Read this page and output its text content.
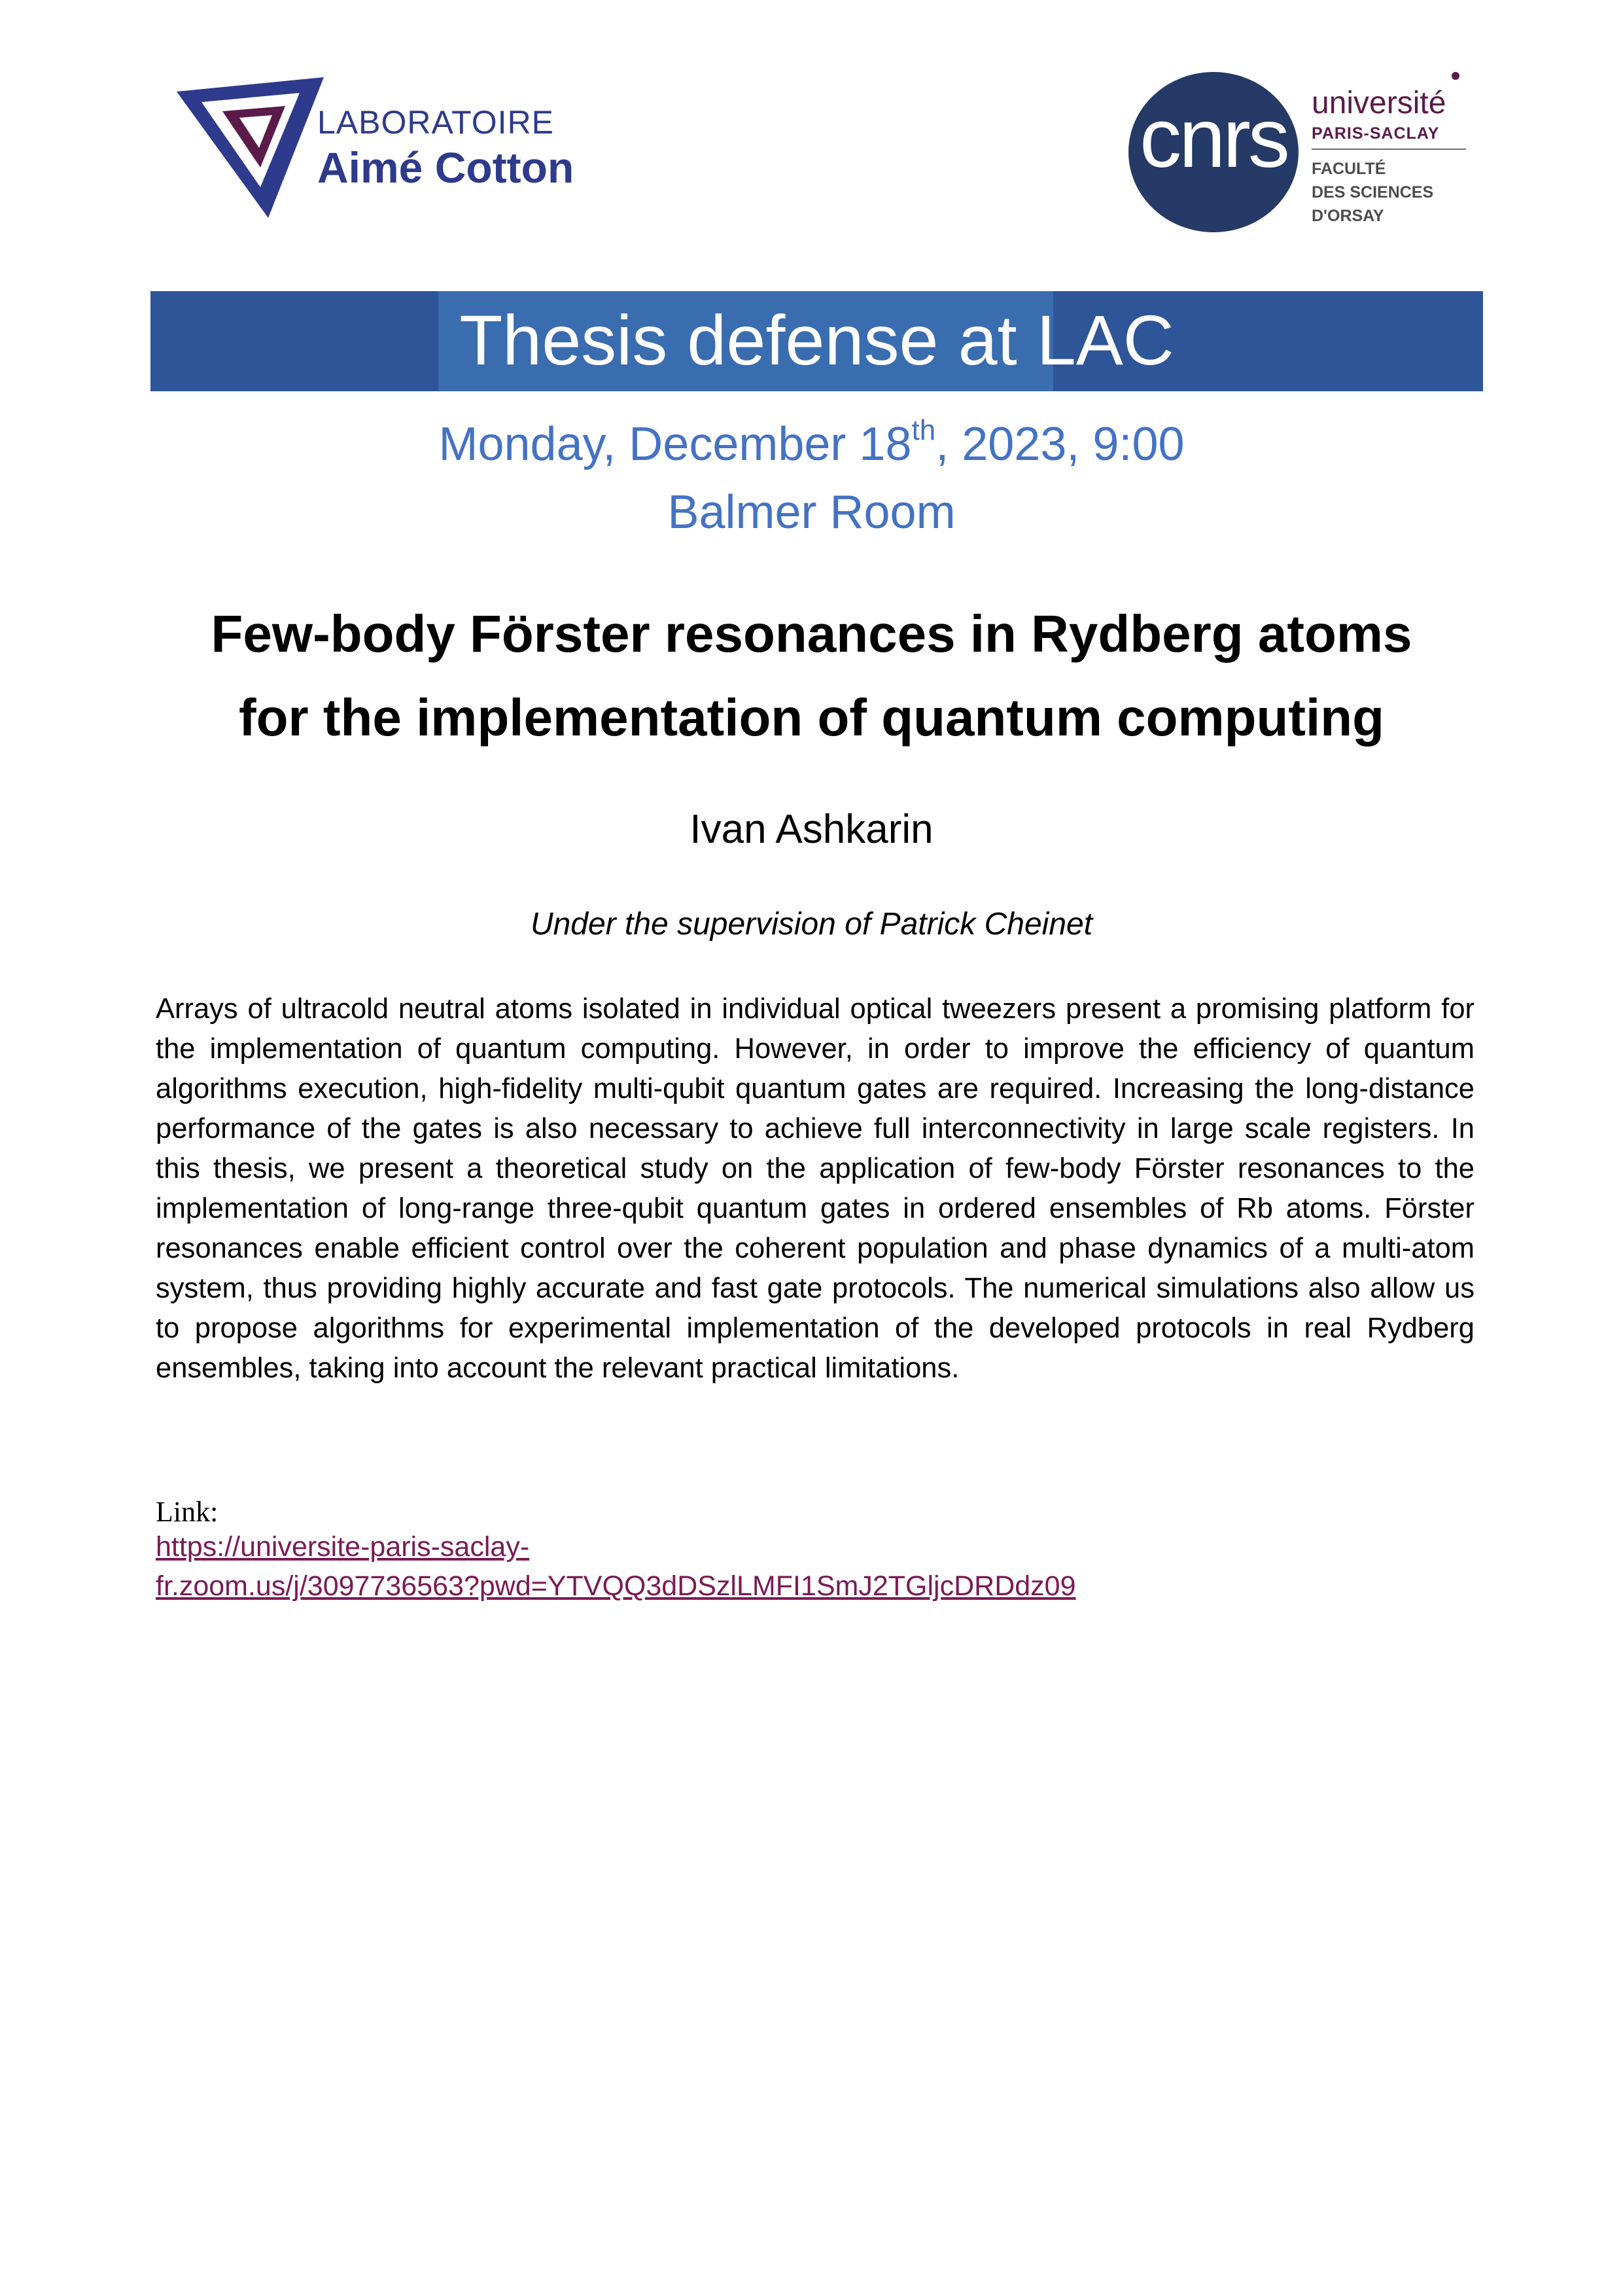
LABORATOIRE
Aimé Cotton	cnrs université
PARIS-SACLAY
FACULTÉ
DES SCIENCES
D'ORSAY
Thesis defense at LAC
Monday, December 18th, 2023, 9:00
Balmer Room
Few-body Förster resonances in Rydberg atoms
for the implementation of quantum computing
Ivan Ashkarin
Under the supervision of Patrick Cheinet
Arrays of ultracold neutral atoms isolated in individual optical tweezers present a promising platform for the implementation of quantum computing. However, in order to improve the efficiency of quantum algorithms execution, high-fidelity multi-qubit quantum gates are required. Increasing the long-distance performance of the gates is also necessary to achieve full interconnectivity in large scale registers. In this thesis, we present a theoretical study on the application of few-body Förster resonances to the implementation of long-range three-qubit quantum gates in ordered ensembles of Rb atoms. Förster resonances enable efficient control over the coherent population and phase dynamics of a multi-atom system, thus providing highly accurate and fast gate protocols. The numerical simulations also allow us to propose algorithms for experimental implementation of the developed protocols in real Rydberg ensembles, taking into account the relevant practical limitations.
Link:
https://universite-paris-saclay-
fr.zoom.us/j/3097736563?pwd=YTVQQ3dDSzlLMFI1SmJ2TGljcDRDdz09
